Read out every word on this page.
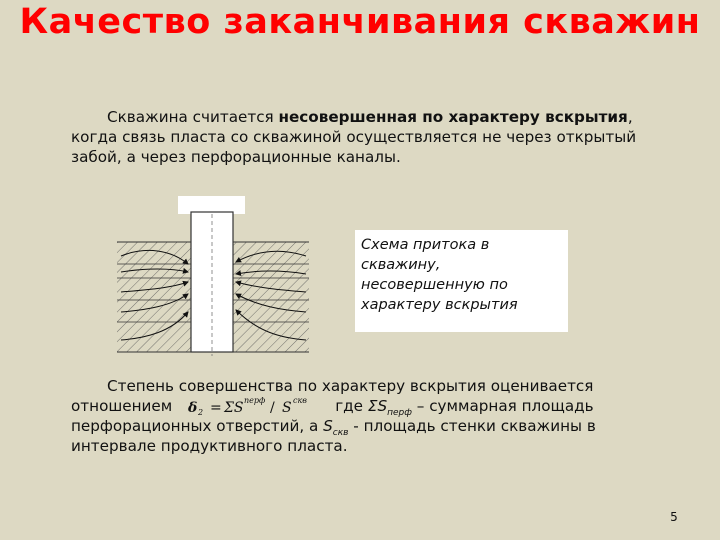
Качество заканчивания скважин

Скважина считается несовершенная по характеру вскрытия, когда связь пласта со скважиной осуществляется не через открытый забой, а через перфорационные каналы.

Схема притока в скважину, несовершенную по характеру вскрытия

Степень совершенства по характеру вскрытия оценивается отношением	где $\Sigma S_{перф}$ – суммарная площадь перфорационных отверстий, а $S_{скв}$ - площадь стенки скважины в интервале продуктивного пласта.

δ 2 = ΣS перф / S скв
5
